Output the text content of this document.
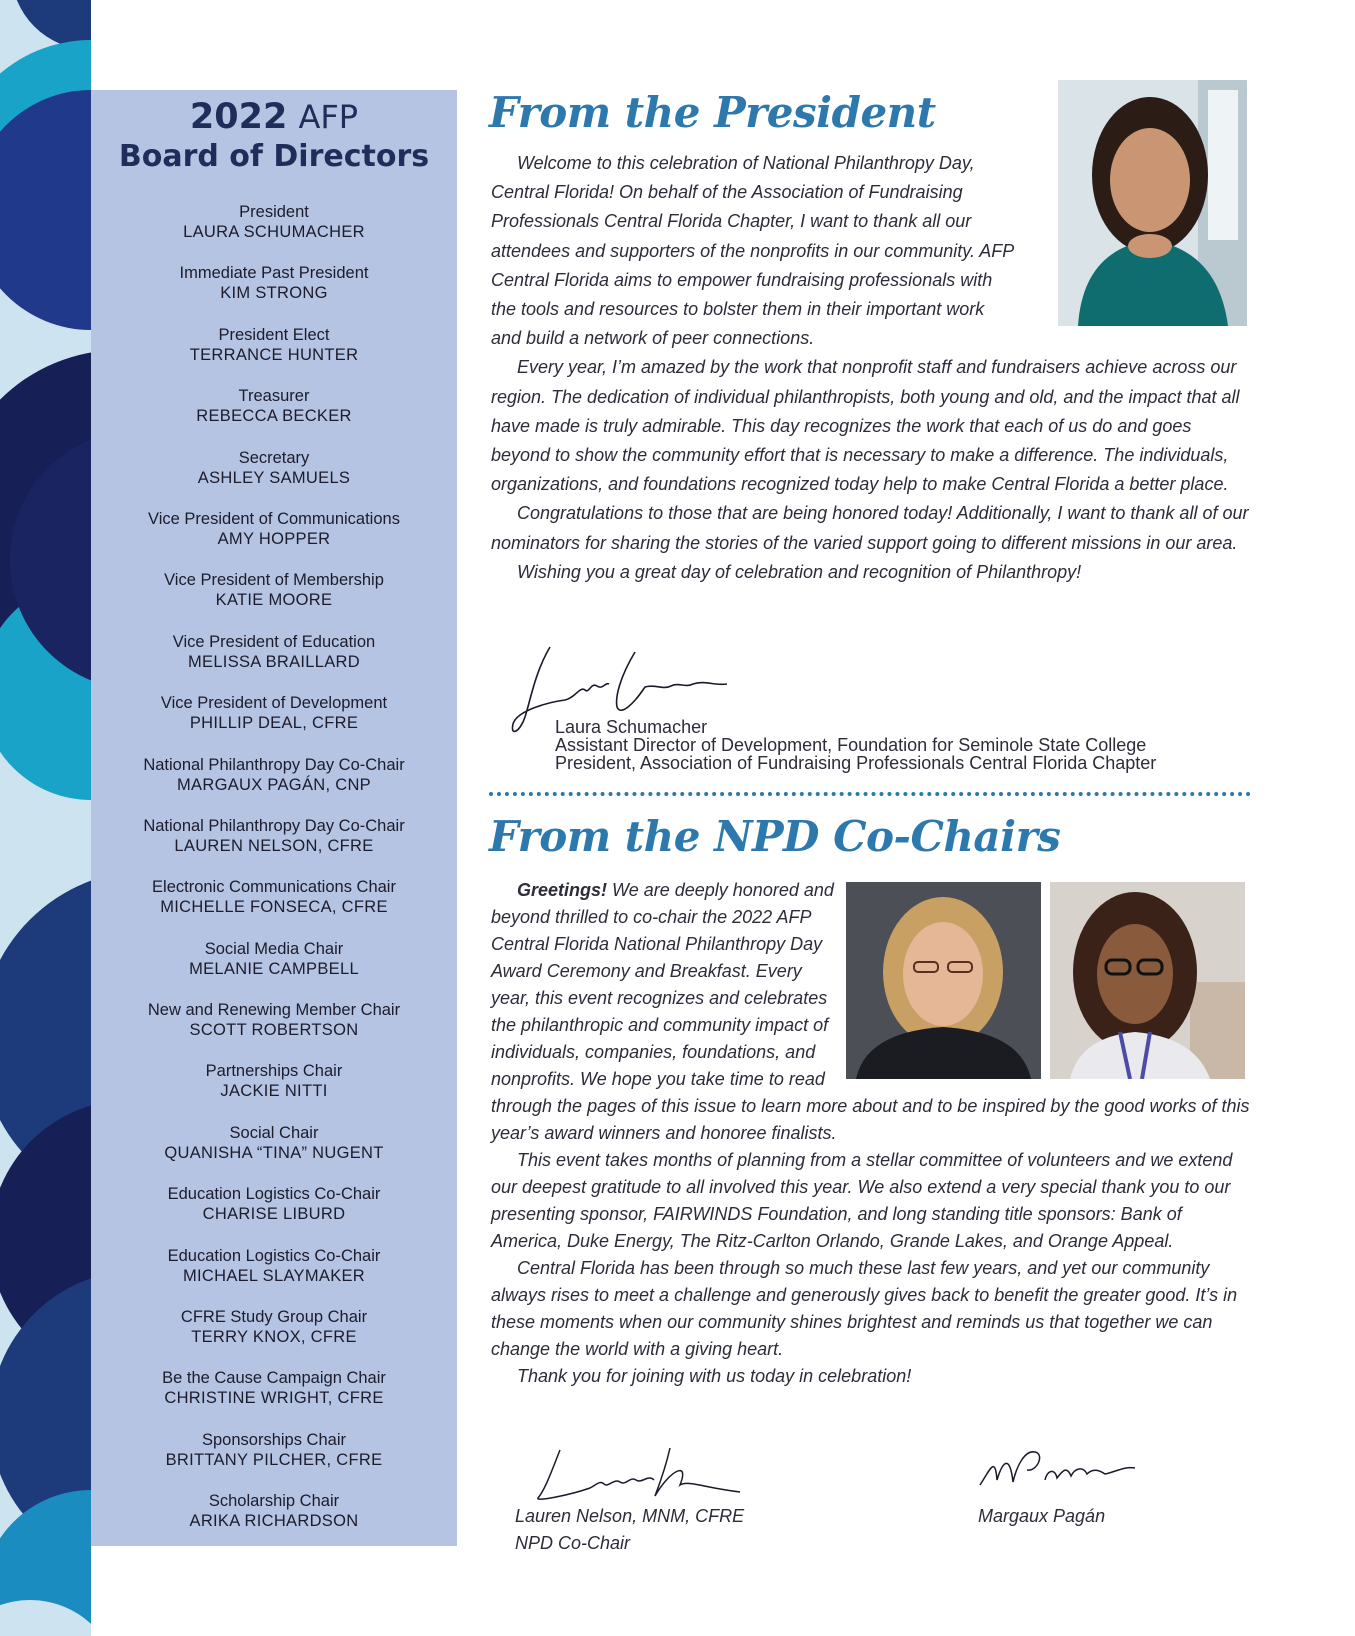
2022 AFP
Board of Directors
President
LAURA SCHUMACHER
Immediate Past President
KIM STRONG
President Elect
TERRANCE HUNTER
Treasurer
REBECCA BECKER
Secretary
ASHLEY SAMUELS
Vice President of Communications
AMY HOPPER
Vice President of Membership
KATIE MOORE
Vice President of Education
MELISSA BRAILLARD
Vice President of Development
PHILLIP DEAL, CFRE
National Philanthropy Day Co-Chair
MARGAUX PAGÁN, CNP
National Philanthropy Day Co-Chair
LAUREN NELSON, CFRE
Electronic Communications Chair
MICHELLE FONSECA, CFRE
Social Media Chair
MELANIE CAMPBELL
New and Renewing Member Chair
SCOTT ROBERTSON
Partnerships Chair
JACKIE NITTI
Social Chair
QUANISHA “TINA” NUGENT
Education Logistics Co-Chair
CHARISE LIBURD
Education Logistics Co-Chair
MICHAEL SLAYMAKER
CFRE Study Group Chair
TERRY KNOX, CFRE
Be the Cause Campaign Chair
CHRISTINE WRIGHT, CFRE
Sponsorships Chair
BRITTANY PILCHER, CFRE
Scholarship Chair
ARIKA RICHARDSON
From the President

Welcome to this celebration of National Philanthropy Day, Central Florida! On behalf of the Association of Fundraising Professionals Central Florida Chapter, I want to thank all our attendees and supporters of the nonprofits in our community. AFP Central Florida aims to empower fundraising professionals with the tools and resources to bolster them in their important work and build a network of peer connections.

Every year, I’m amazed by the work that nonprofit staff and fundraisers achieve across our region. The dedication of individual philanthropists, both young and old, and the impact that all have made is truly admirable. This day recognizes the work that each of us do and goes beyond to show the community effort that is necessary to make a difference. The individuals, organizations, and foundations recognized today help to make Central Florida a better place.

Congratulations to those that are being honored today! Additionally, I want to thank all of our nominators for sharing the stories of the varied support going to different missions in our area.

Wishing you a great day of celebration and recognition of Philanthropy!

Laura Schumacher
Assistant Director of Development, Foundation for Seminole State College
President, Association of Fundraising Professionals Central Florida Chapter
From the NPD Co-Chairs

Greetings! We are deeply honored and beyond thrilled to co-chair the 2022 AFP Central Florida National Philanthropy Day Award Ceremony and Breakfast. Every year, this event recognizes and celebrates the philanthropic and community impact of individuals, companies, foundations, and nonprofits. We hope you take time to read through the pages of this issue to learn more about and to be inspired by the good works of this year’s award winners and honoree finalists.

This event takes months of planning from a stellar committee of volunteers and we extend our deepest gratitude to all involved this year. We also extend a very special thank you to our presenting sponsor, FAIRWINDS Foundation, and long standing title sponsors: Bank of America, Duke Energy, The Ritz-Carlton Orlando, Grande Lakes, and Orange Appeal.

Central Florida has been through so much these last few years, and yet our community always rises to meet a challenge and generously gives back to benefit the greater good. It’s in these moments when our community shines brightest and reminds us that together we can change the world with a giving heart.

Thank you for joining with us today in celebration!

Lauren Nelson, MNM, CFRE
NPD Co-Chair
Margaux Pagán
